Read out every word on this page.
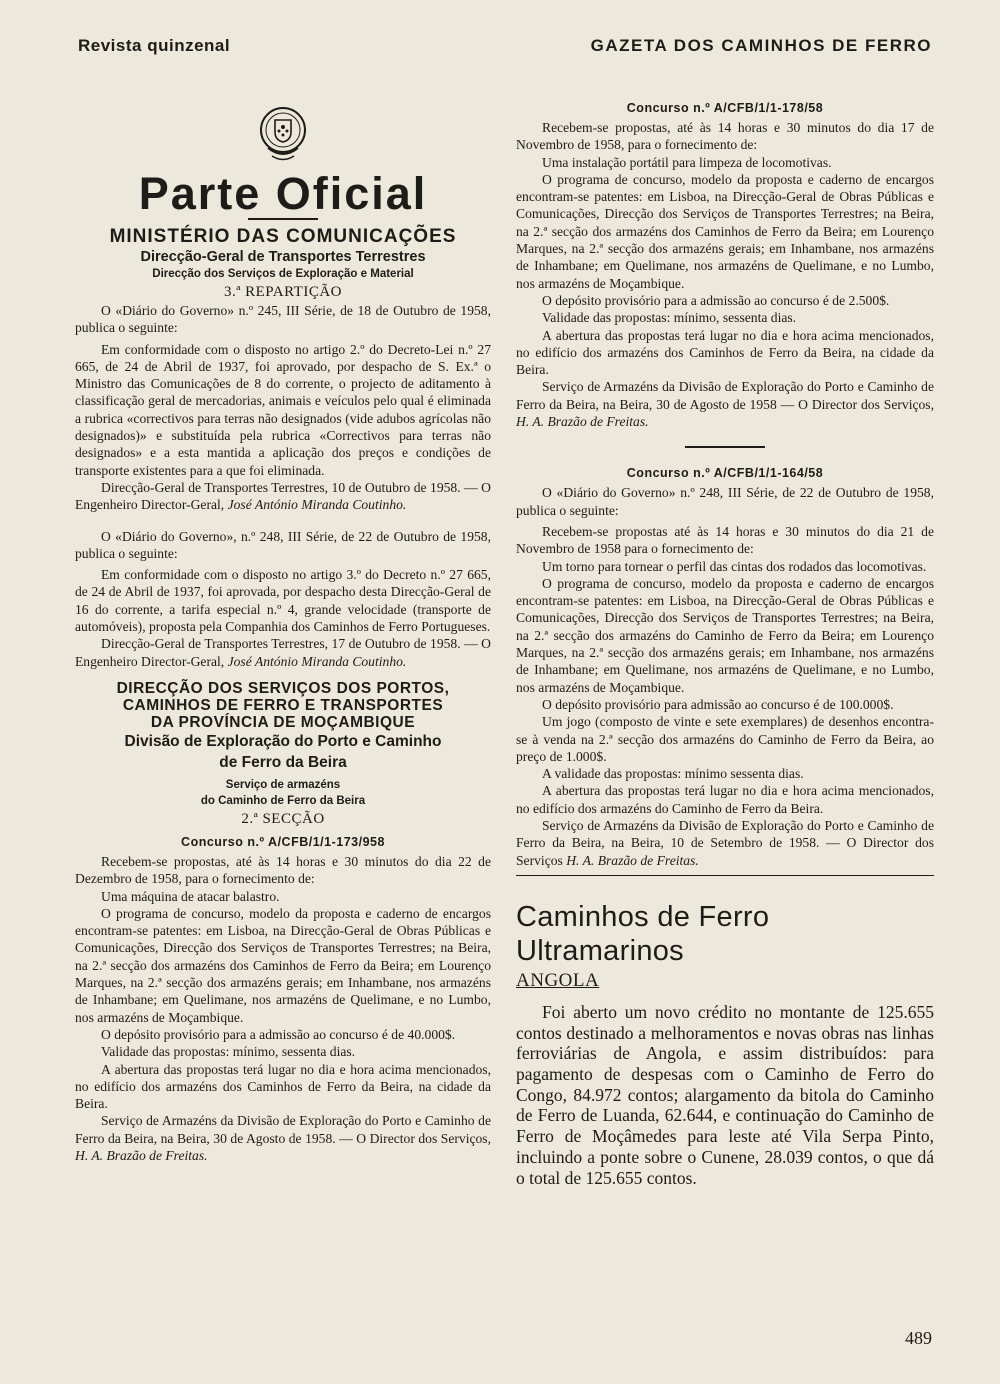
Revista quinzenal	GAZETA DOS CAMINHOS DE FERRO
Parte Oficial
MINISTÉRIO DAS COMUNICAÇÕES
Direcção-Geral de Transportes Terrestres
Direcção dos Serviços de Exploração e Material
3.ª REPARTIÇÃO

O «Diário do Governo» n.º 245, III Série, de 18 de Outubro de 1958, publica o seguinte:

Em conformidade com o disposto no artigo 2.º do Decreto-Lei n.º 27 665, de 24 de Abril de 1937, foi aprovado, por despacho de S. Ex.ª o Ministro das Comunicações de 8 do corrente, o projecto de aditamento à classificação geral de mercadorias, animais e veículos pelo qual é eliminada a rubrica «correctivos para terras não designados (vide adubos agrícolas não designados)» e substituída pela rubrica «Correctivos para terras não designados» e a esta mantida a aplicação dos preços e condições de transporte existentes para a que foi eliminada.

Direcção-Geral de Transportes Terrestres, 10 de Outubro de 1958. — O Engenheiro Director-Geral, José António Miranda Coutinho.

O «Diário do Governo», n.º 248, III Série, de 22 de Outubro de 1958, publica o seguinte:

Em conformidade com o disposto no artigo 3.º do Decreto n.º 27 665, de 24 de Abril de 1937, foi aprovada, por despacho desta Direcção-Geral de 16 do corrente, a tarifa especial n.º 4, grande velocidade (transporte de automóveis), proposta pela Companhia dos Caminhos de Ferro Portugueses.

Direcção-Geral de Transportes Terrestres, 17 de Outubro de 1958. — O Engenheiro Director-Geral, José António Miranda Coutinho.

DIRECÇÃO DOS SERVIÇOS DOS PORTOS,
CAMINHOS DE FERRO E TRANSPORTES
DA PROVÍNCIA DE MOÇAMBIQUE
Divisão de Exploração do Porto e Caminho
de Ferro da Beira
Serviço de armazéns
do Caminho de Ferro da Beira
2.ª SECÇÃO
Concurso n.º A/CFB/1/1-173/958

Recebem-se propostas, até às 14 horas e 30 minutos do dia 22 de Dezembro de 1958, para o fornecimento de:

Uma máquina de atacar balastro.

O programa de concurso, modelo da proposta e caderno de encargos encontram-se patentes: em Lisboa, na Direcção-Geral de Obras Públicas e Comunicações, Direcção dos Serviços de Transportes Terrestres; na Beira, na 2.ª secção dos armazéns dos Caminhos de Ferro da Beira; em Lourenço Marques, na 2.ª secção dos armazéns gerais; em Inhambane, nos armazéns de Inhambane; em Quelimane, nos armazéns de Quelimane, e no Lumbo, nos armazéns de Moçambique.

O depósito provisório para a admissão ao concurso é de 40.000$.

Validade das propostas: mínimo, sessenta dias.

A abertura das propostas terá lugar no dia e hora acima mencionados, no edifício dos armazéns dos Caminhos de Ferro da Beira, na cidade da Beira.

Serviço de Armazéns da Divisão de Exploração do Porto e Caminho de Ferro da Beira, na Beira, 30 de Agosto de 1958. — O Director dos Serviços, H. A. Brazão de Freitas.

Concurso n.º A/CFB/1/1-178/58

Recebem-se propostas, até às 14 horas e 30 minutos do dia 17 de Novembro de 1958, para o fornecimento de:

Uma instalação portátil para limpeza de locomotivas.

O programa de concurso, modelo da proposta e caderno de encargos encontram-se patentes: em Lisboa, na Direcção-Geral de Obras Públicas e Comunicações, Direcção dos Serviços de Transportes Terrestres; na Beira, na 2.ª secção dos armazéns dos Caminhos de Ferro da Beira; em Lourenço Marques, na 2.ª secção dos armazéns gerais; em Inhambane, nos armazéns de Inhambane; em Quelimane, nos armazéns de Quelimane, e no Lumbo, nos armazéns de Moçambique.

O depósito provisório para a admissão ao concurso é de 2.500$.

Validade das propostas: mínimo, sessenta dias.

A abertura das propostas terá lugar no dia e hora acima mencionados, no edifício dos armazéns dos Caminhos de Ferro da Beira, na cidade da Beira.

Serviço de Armazéns da Divisão de Exploração do Porto e Caminho de Ferro da Beira, na Beira, 30 de Agosto de 1958 — O Director dos Serviços, H. A. Brazão de Freitas.

Concurso n.º A/CFB/1/1-164/58

O «Diário do Governo» n.º 248, III Série, de 22 de Outubro de 1958, publica o seguinte:

Recebem-se propostas até às 14 horas e 30 minutos do dia 21 de Novembro de 1958 para o fornecimento de:

Um torno para tornear o perfil das cintas dos rodados das locomotivas.

O programa de concurso, modelo da proposta e caderno de encargos encontram-se patentes: em Lisboa, na Direcção-Geral de Obras Públicas e Comunicações, Direcção dos Serviços de Transportes Terrestres; na Beira, na 2.ª secção dos armazéns do Caminho de Ferro da Beira; em Lourenço Marques, na 2.ª secção dos armazéns gerais; em Inhambane, nos armazéns de Inhambane; em Quelimane, nos armazéns de Quelimane, e no Lumbo, nos armazéns de Moçambique.

O depósito provisório para admissão ao concurso é de 100.000$.

Um jogo (composto de vinte e sete exemplares) de desenhos encontra-se à venda na 2.ª secção dos armazéns do Caminho de Ferro da Beira, ao preço de 1.000$.

A validade das propostas: mínimo sessenta dias.

A abertura das propostas terá lugar no dia e hora acima mencionados, no edifício dos armazéns do Caminho de Ferro da Beira.

Serviço de Armazéns da Divisão de Exploração do Porto e Caminho de Ferro da Beira, na Beira, 10 de Setembro de 1958. — O Director dos Serviços H. A. Brazão de Freitas.

Caminhos de Ferro Ultramarinos
ANGOLA

Foi aberto um novo crédito no montante de 125.655 contos destinado a melhoramentos e novas obras nas linhas ferroviárias de Angola, e assim distribuídos: para pagamento de despesas com o Caminho de Ferro do Congo, 84.972 contos; alargamento da bitola do Caminho de Ferro de Luanda, 62.644, e continuação do Caminho de Ferro de Moçâmedes para leste até Vila Serpa Pinto, incluindo a ponte sobre o Cunene, 28.039 contos, o que dá o total de 125.655 contos.

489
